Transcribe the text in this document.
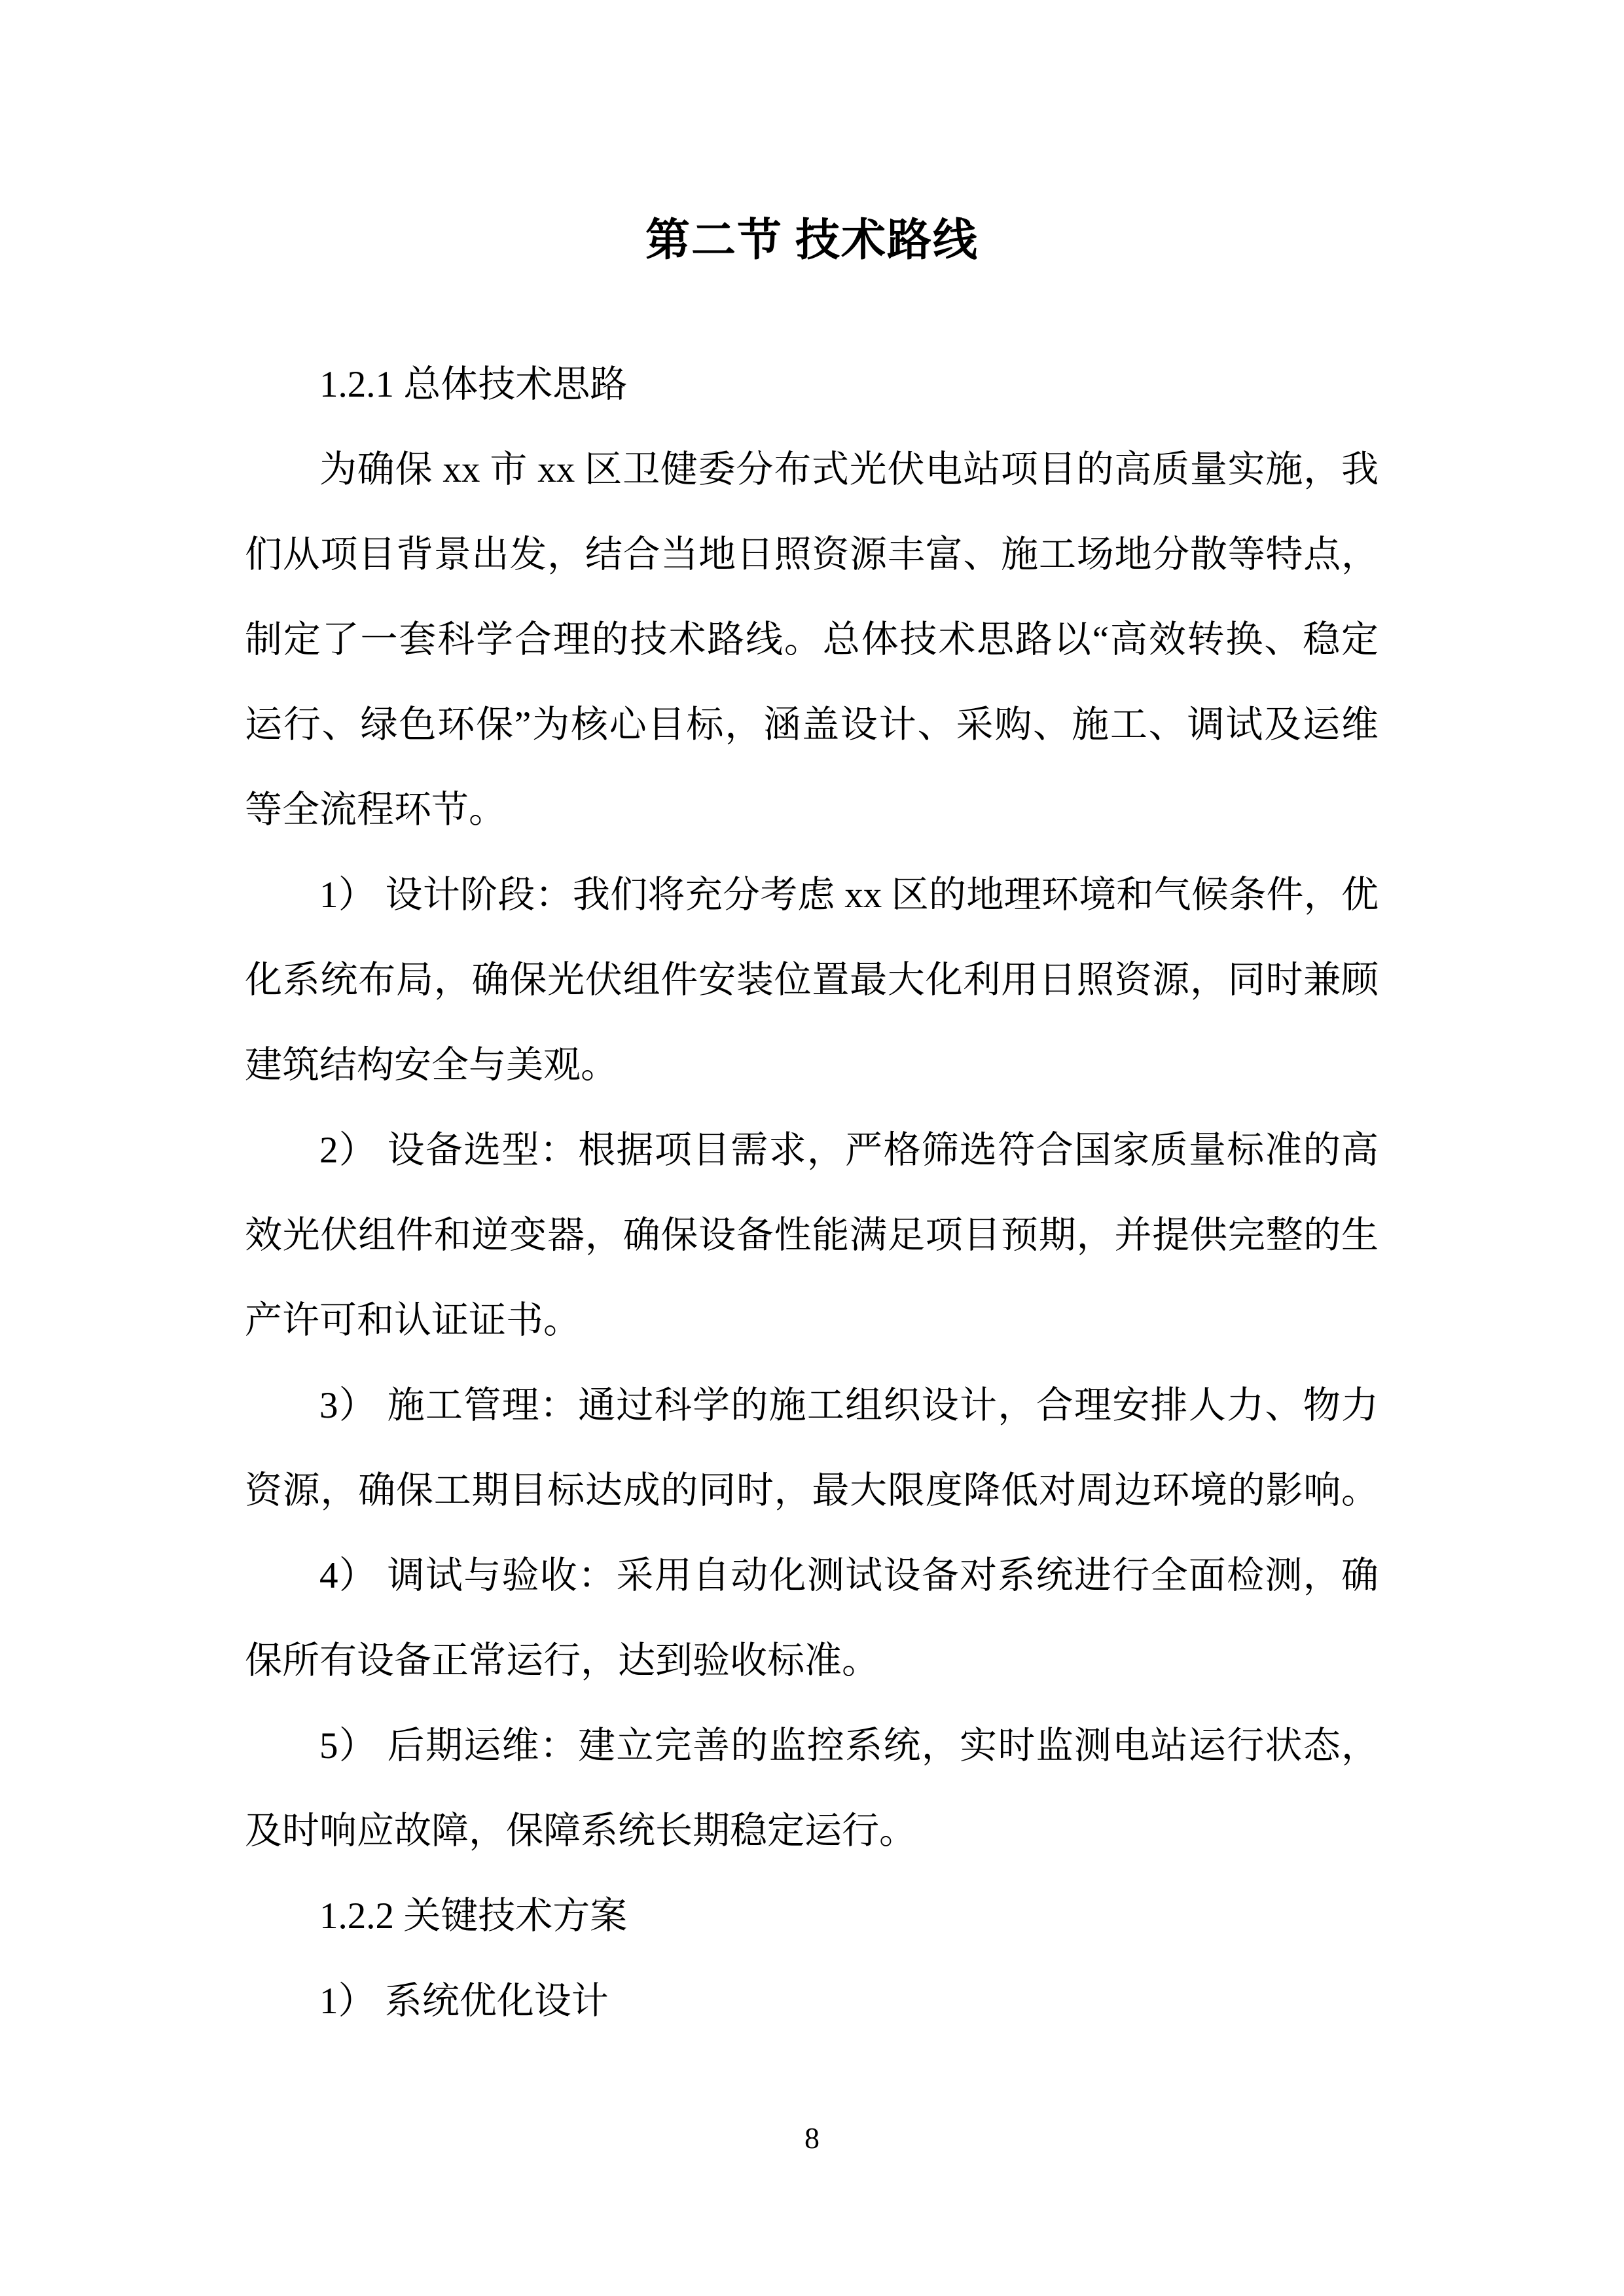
第二节 技术路线

1.2.1 总体技术思路

为确保 xx 市 xx 区卫健委分布式光伏电站项目的高质量实施，我

们从项目背景出发，结合当地日照资源丰富、施工场地分散等特点，

制定了一套科学合理的技术路线。总体技术思路以“高效转换、稳定

运行、绿色环保”为核心目标，涵盖设计、采购、施工、调试及运维

等全流程环节。

1） 设计阶段：我们将充分考虑 xx 区的地理环境和气候条件，优

化系统布局，确保光伏组件安装位置最大化利用日照资源，同时兼顾

建筑结构安全与美观。

2） 设备选型：根据项目需求，严格筛选符合国家质量标准的高

效光伏组件和逆变器，确保设备性能满足项目预期，并提供完整的生

产许可和认证证书。

3） 施工管理：通过科学的施工组织设计，合理安排人力、物力

资源，确保工期目标达成的同时，最大限度降低对周边环境的影响。

4） 调试与验收：采用自动化测试设备对系统进行全面检测，确

保所有设备正常运行，达到验收标准。

5） 后期运维：建立完善的监控系统，实时监测电站运行状态，

及时响应故障，保障系统长期稳定运行。

1.2.2 关键技术方案

1） 系统优化设计

8
